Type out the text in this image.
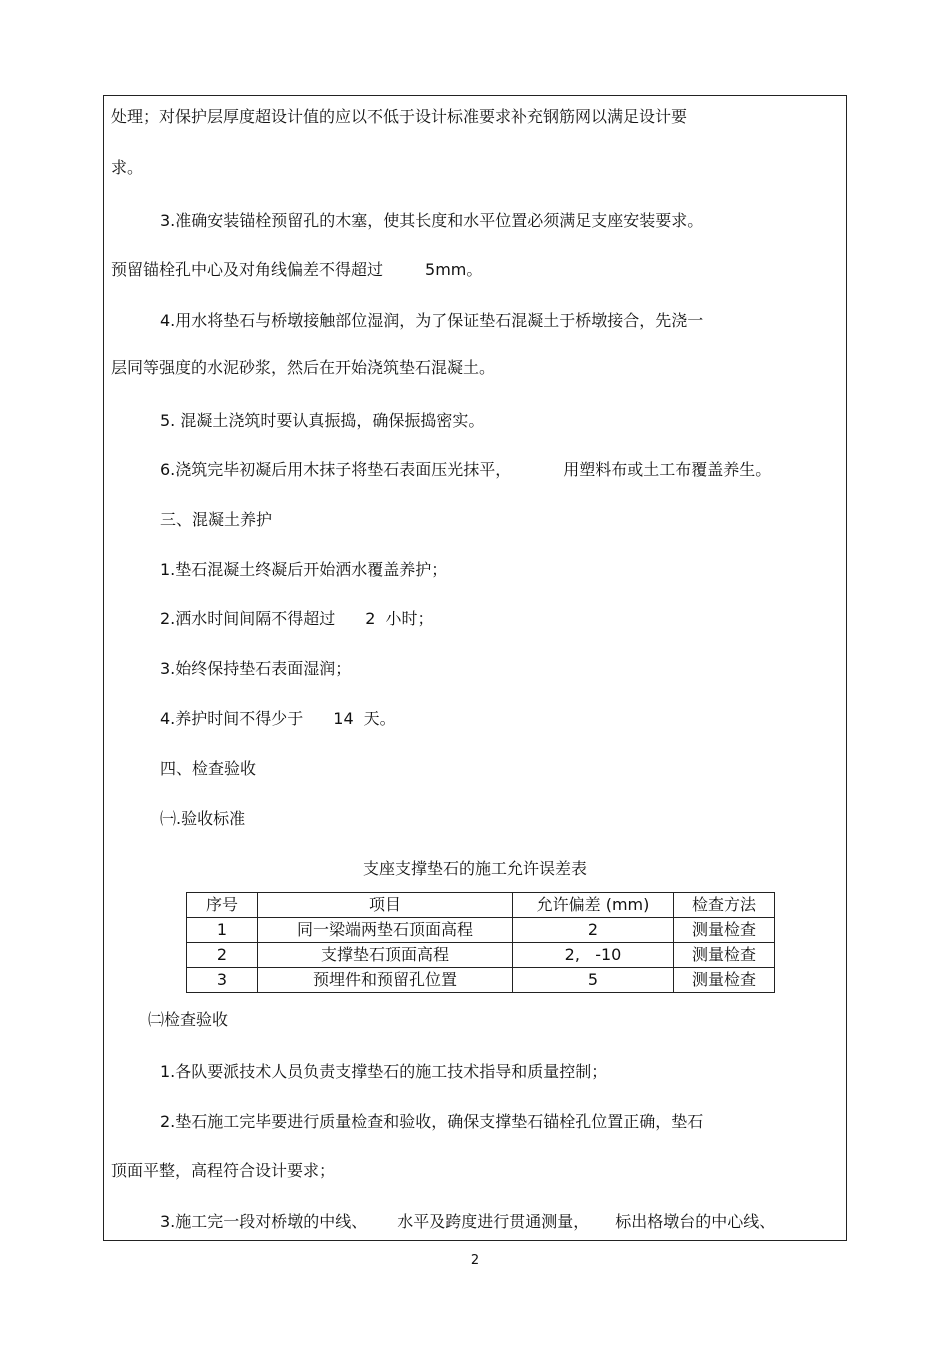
处理；对保护层厚度超设计值的应以不低于设计标准要求补充钢筋网以满足设计要
求。
3.准确安装锚栓预留孔的木塞，使其长度和水平位置必须满足支座安装要求。
预留锚栓孔中心及对角线偏差不得超过	5mm。
4.用水将垫石与桥墩接触部位湿润，为了保证垫石混凝土于桥墩接合，先浇一
层同等强度的水泥砂浆，然后在开始浇筑垫石混凝土。
5. 混凝土浇筑时要认真振捣，确保振捣密实。
6.浇筑完毕初凝后用木抹子将垫石表面压光抹平，	用塑料布或土工布覆盖养生。
三、混凝土养护
1.垫石混凝土终凝后开始洒水覆盖养护；
2.洒水时间间隔不得超过 2 小时；
3.始终保持垫石表面湿润；
4.养护时间不得少于 14 天。
四、检查验收
㈠.验收标准
支座支撑垫石的施工允许误差表
序号	项目	允许偏差 (mm)	检查方法
1	同一梁端两垫石顶面高程	2	测量检查
2	支撑垫石顶面高程	2,   -10	测量检查
3	预埋件和预留孔位置	5	测量检查
㈡检查验收
1.各队要派技术人员负责支撑垫石的施工技术指导和质量控制；
2.垫石施工完毕要进行质量检查和验收，确保支撑垫石锚栓孔位置正确，垫石
顶面平整，高程符合设计要求；
3.施工完一段对桥墩的中线、 水平及跨度进行贯通测量， 标出格墩台的中心线、
2
